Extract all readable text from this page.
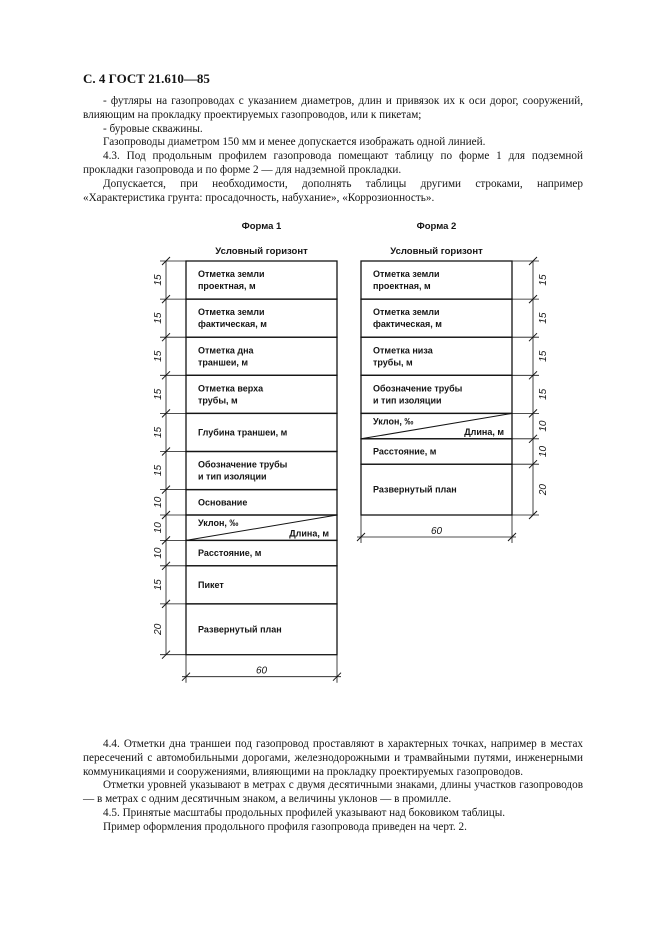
С. 4 ГОСТ 21.610—85

- футляры на газопроводах с указанием диаметров, длин и привязок их к оси дорог, сооружений, влияющим на прокладку проектируемых газопроводов, или к пикетам;

- буровые скважины.

Газопроводы диаметром 150 мм и менее допускается изображать одной линией.

4.3. Под продольным профилем газопровода помещают таблицу по форме 1 для подземной прокладки газопровода и по форме 2 — для надземной прокладки.

Допускается, при необходимости, дополнять таблицы другими строками, например «Характеристика грунта: просадочность, набухание», «Коррозионность».

Форма 1
Условный горизонт
Отметка земли
проектная, м
15
Отметка земли
фактическая, м
15
Отметка дна
траншеи, м
15
Отметка верха
трубы, м
15
Глубина траншеи, м
15
Обозначение трубы
и тип изоляции
15
Основание
10
Уклон, ‰
Длина, м
10
Расстояние, м
10
Пикет
15
Развернутый план
20
60
Форма 2
Условный горизонт
Отметка земли
проектная, м
15
Отметка земли
фактическая, м
15
Отметка низа
трубы, м
15
Обозначение трубы
и тип изоляции
15
Уклон, ‰
Длина, м
10
Расстояние, м	10
Развернутый план	20
60

4.4. Отметки дна траншеи под газопровод проставляют в характерных точках, например в местах пересечений с автомобильными дорогами, железнодорожными и трамвайными путями, инженерными коммуникациями и сооружениями, влияющими на прокладку проектируемых газопроводов.

Отметки уровней указывают в метрах с двумя десятичными знаками, длины участков газопроводов — в метрах с одним десятичным знаком, а величины уклонов — в промилле.

4.5. Принятые масштабы продольных профилей указывают над боковиком таблицы.

Пример оформления продольного профиля газопровода приведен на черт. 2.
